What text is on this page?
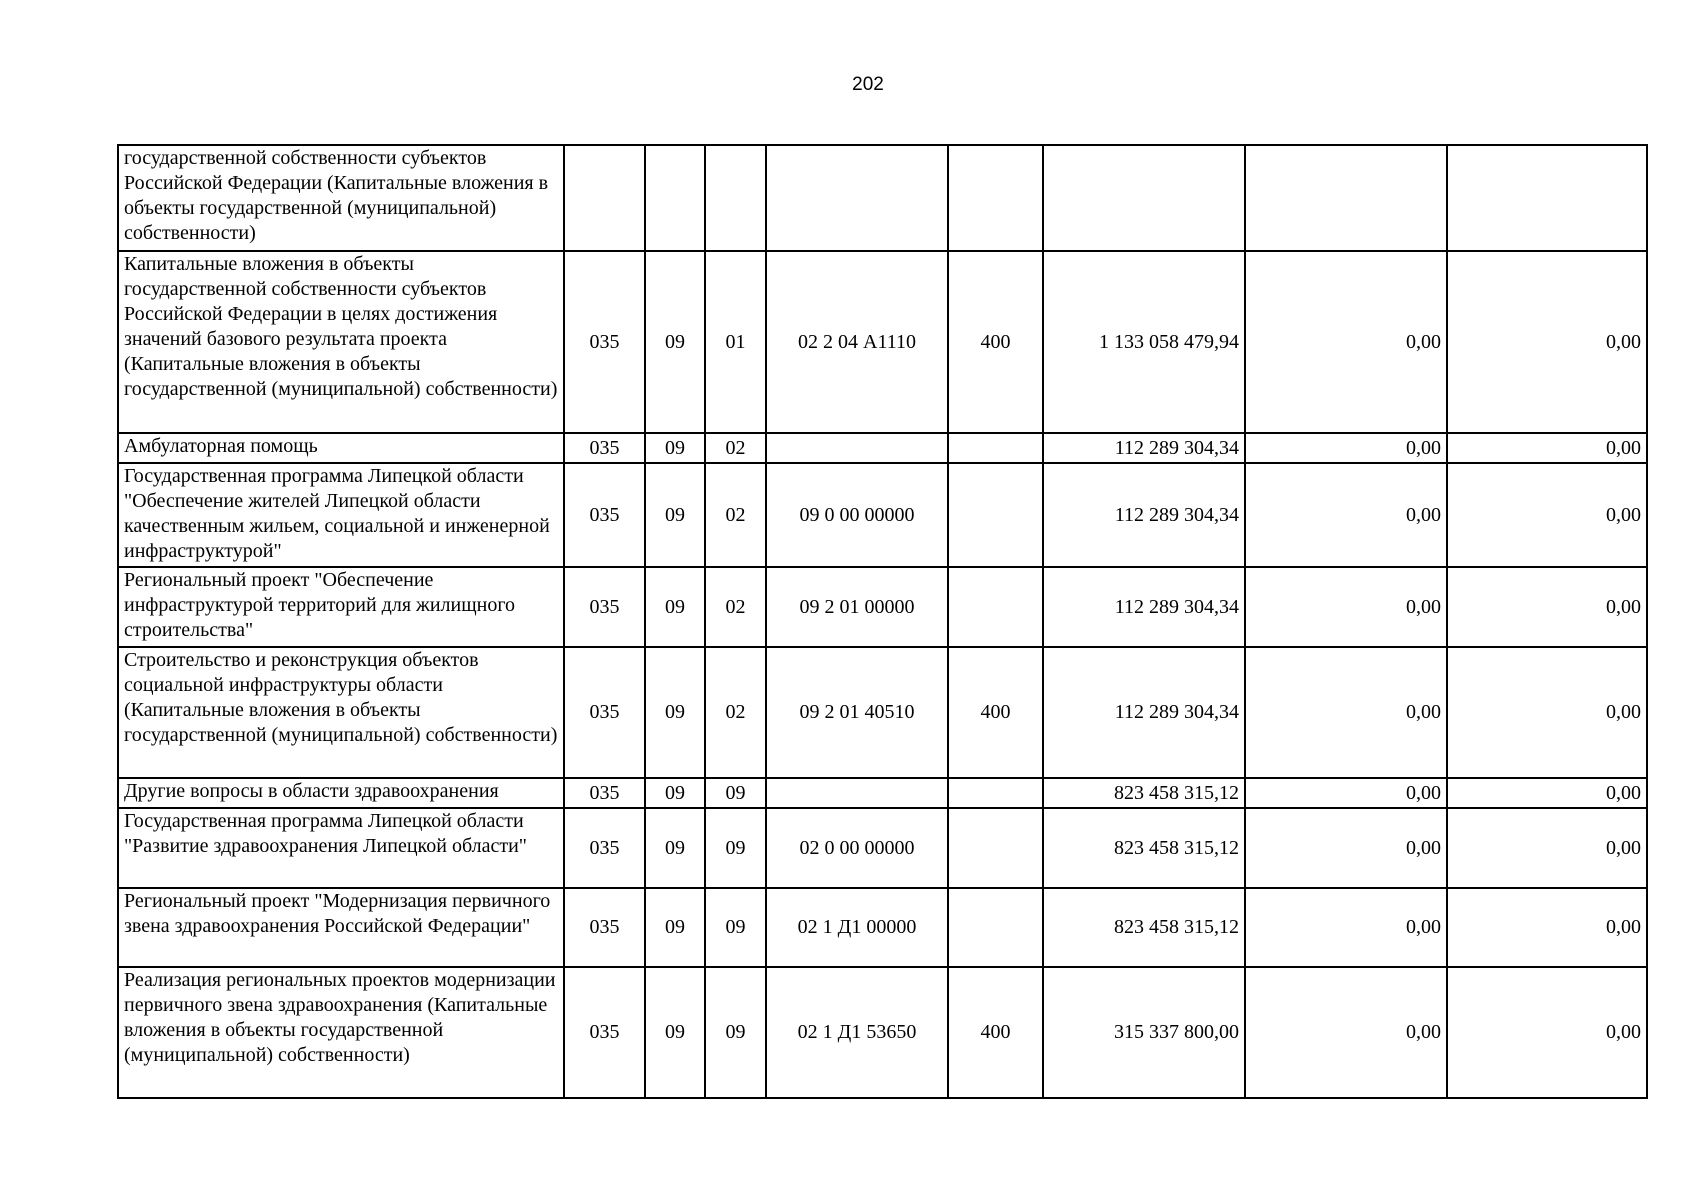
202
государственной собственности субъектов Российской Федерации (Капитальные вложения в объекты государственной (муниципальной) собственности)								
Капитальные вложения в объекты государственной собственности субъектов Российской Федерации в целях достижения значений базового результата проекта (Капитальные вложения в объекты государственной (муниципальной) собственности)	035	09	01	02 2 04 А1110	400	1 133 058 479,94	0,00	0,00
Амбулаторная помощь	035	09	02			112 289 304,34	0,00	0,00
Государственная программа Липецкой области "Обеспечение жителей Липецкой области качественным жильем, социальной и инженерной инфраструктурой"	035	09	02	09 0 00 00000		112 289 304,34	0,00	0,00
Региональный проект "Обеспечение инфраструктурой территорий для жилищного строительства"	035	09	02	09 2 01 00000		112 289 304,34	0,00	0,00
Строительство и реконструкция объектов социальной инфраструктуры области (Капитальные вложения в объекты государственной (муниципальной) собственности)	035	09	02	09 2 01 40510	400	112 289 304,34	0,00	0,00
Другие вопросы в области здравоохранения	035	09	09			823 458 315,12	0,00	0,00
Государственная программа Липецкой области "Развитие здравоохранения Липецкой области"	035	09	09	02 0 00 00000		823 458 315,12	0,00	0,00
Региональный проект "Модернизация первичного звена здравоохранения Российской Федерации"	035	09	09	02 1 Д1 00000		823 458 315,12	0,00	0,00
Реализация региональных проектов модернизации первичного звена здравоохранения (Капитальные вложения в объекты государственной (муниципальной) собственности)	035	09	09	02 1 Д1 53650	400	315 337 800,00	0,00	0,00
